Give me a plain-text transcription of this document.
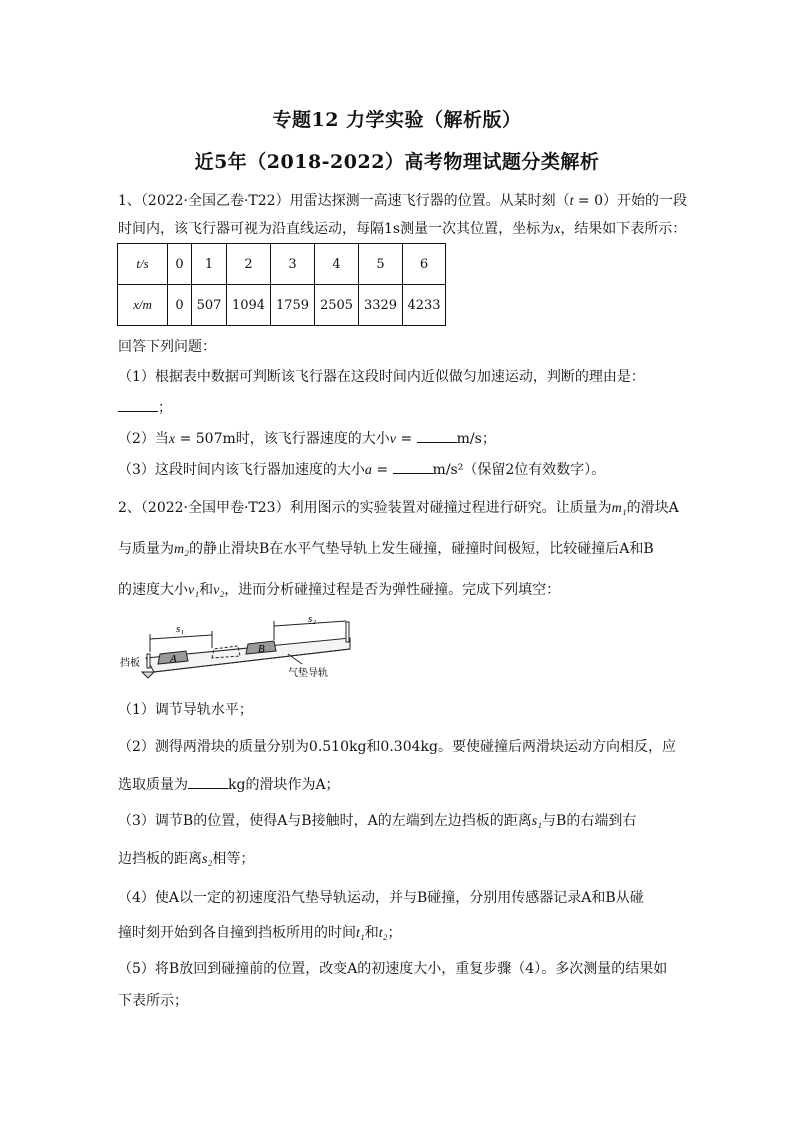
专题12 力学实验（解析版）
近5年（2018-2022）高考物理试题分类解析
1、（2022·全国乙卷·T22）用雷达探测一高速飞行器的位置。从某时刻（t = 0）开始的一段
时间内，该飞行器可视为沿直线运动，每隔1s测量一次其位置，坐标为x，结果如下表所示：
t/s	0	1	2	3	4	5	6
x/m	0	507	1094	1759	2505	3329	4233
回答下列问题：
（1）根据表中数据可判断该飞行器在这段时间内近似做匀加速运动，判断的理由是：
；
（2）当x = 507m时，该飞行器速度的大小v =	m/s；
（3）这段时间内该飞行器加速度的大小a =	m/s²（保留2位有效数字）。
2、（2022·全国甲卷·T23）利用图示的实验装置对碰撞过程进行研究。让质量为m₁的滑块A
与质量为m₂的静止滑块B在水平气垫导轨上发生碰撞，碰撞时间极短，比较碰撞后A和B
的速度大小v₁和v₂，进而分析碰撞过程是否为弹性碰撞。完成下列填空：
s₁
s₂
A
B
挡板
气垫导轨
（1）调节导轨水平；
（2）测得两滑块的质量分别为0.510kg和0.304kg。要使碰撞后两滑块运动方向相反，应
选取质量为	kg的滑块作为A；
（3）调节B的位置，使得A与B接触时，A的左端到左边挡板的距离s₁与B的右端到右
边挡板的距离s₂相等；
（4）使A以一定的初速度沿气垫导轨运动，并与B碰撞，分别用传感器记录A和B从碰
撞时刻开始到各自撞到挡板所用的时间t₁和t₂；
（5）将B放回到碰撞前的位置，改变A的初速度大小，重复步骤（4）。多次测量的结果如
下表所示；
